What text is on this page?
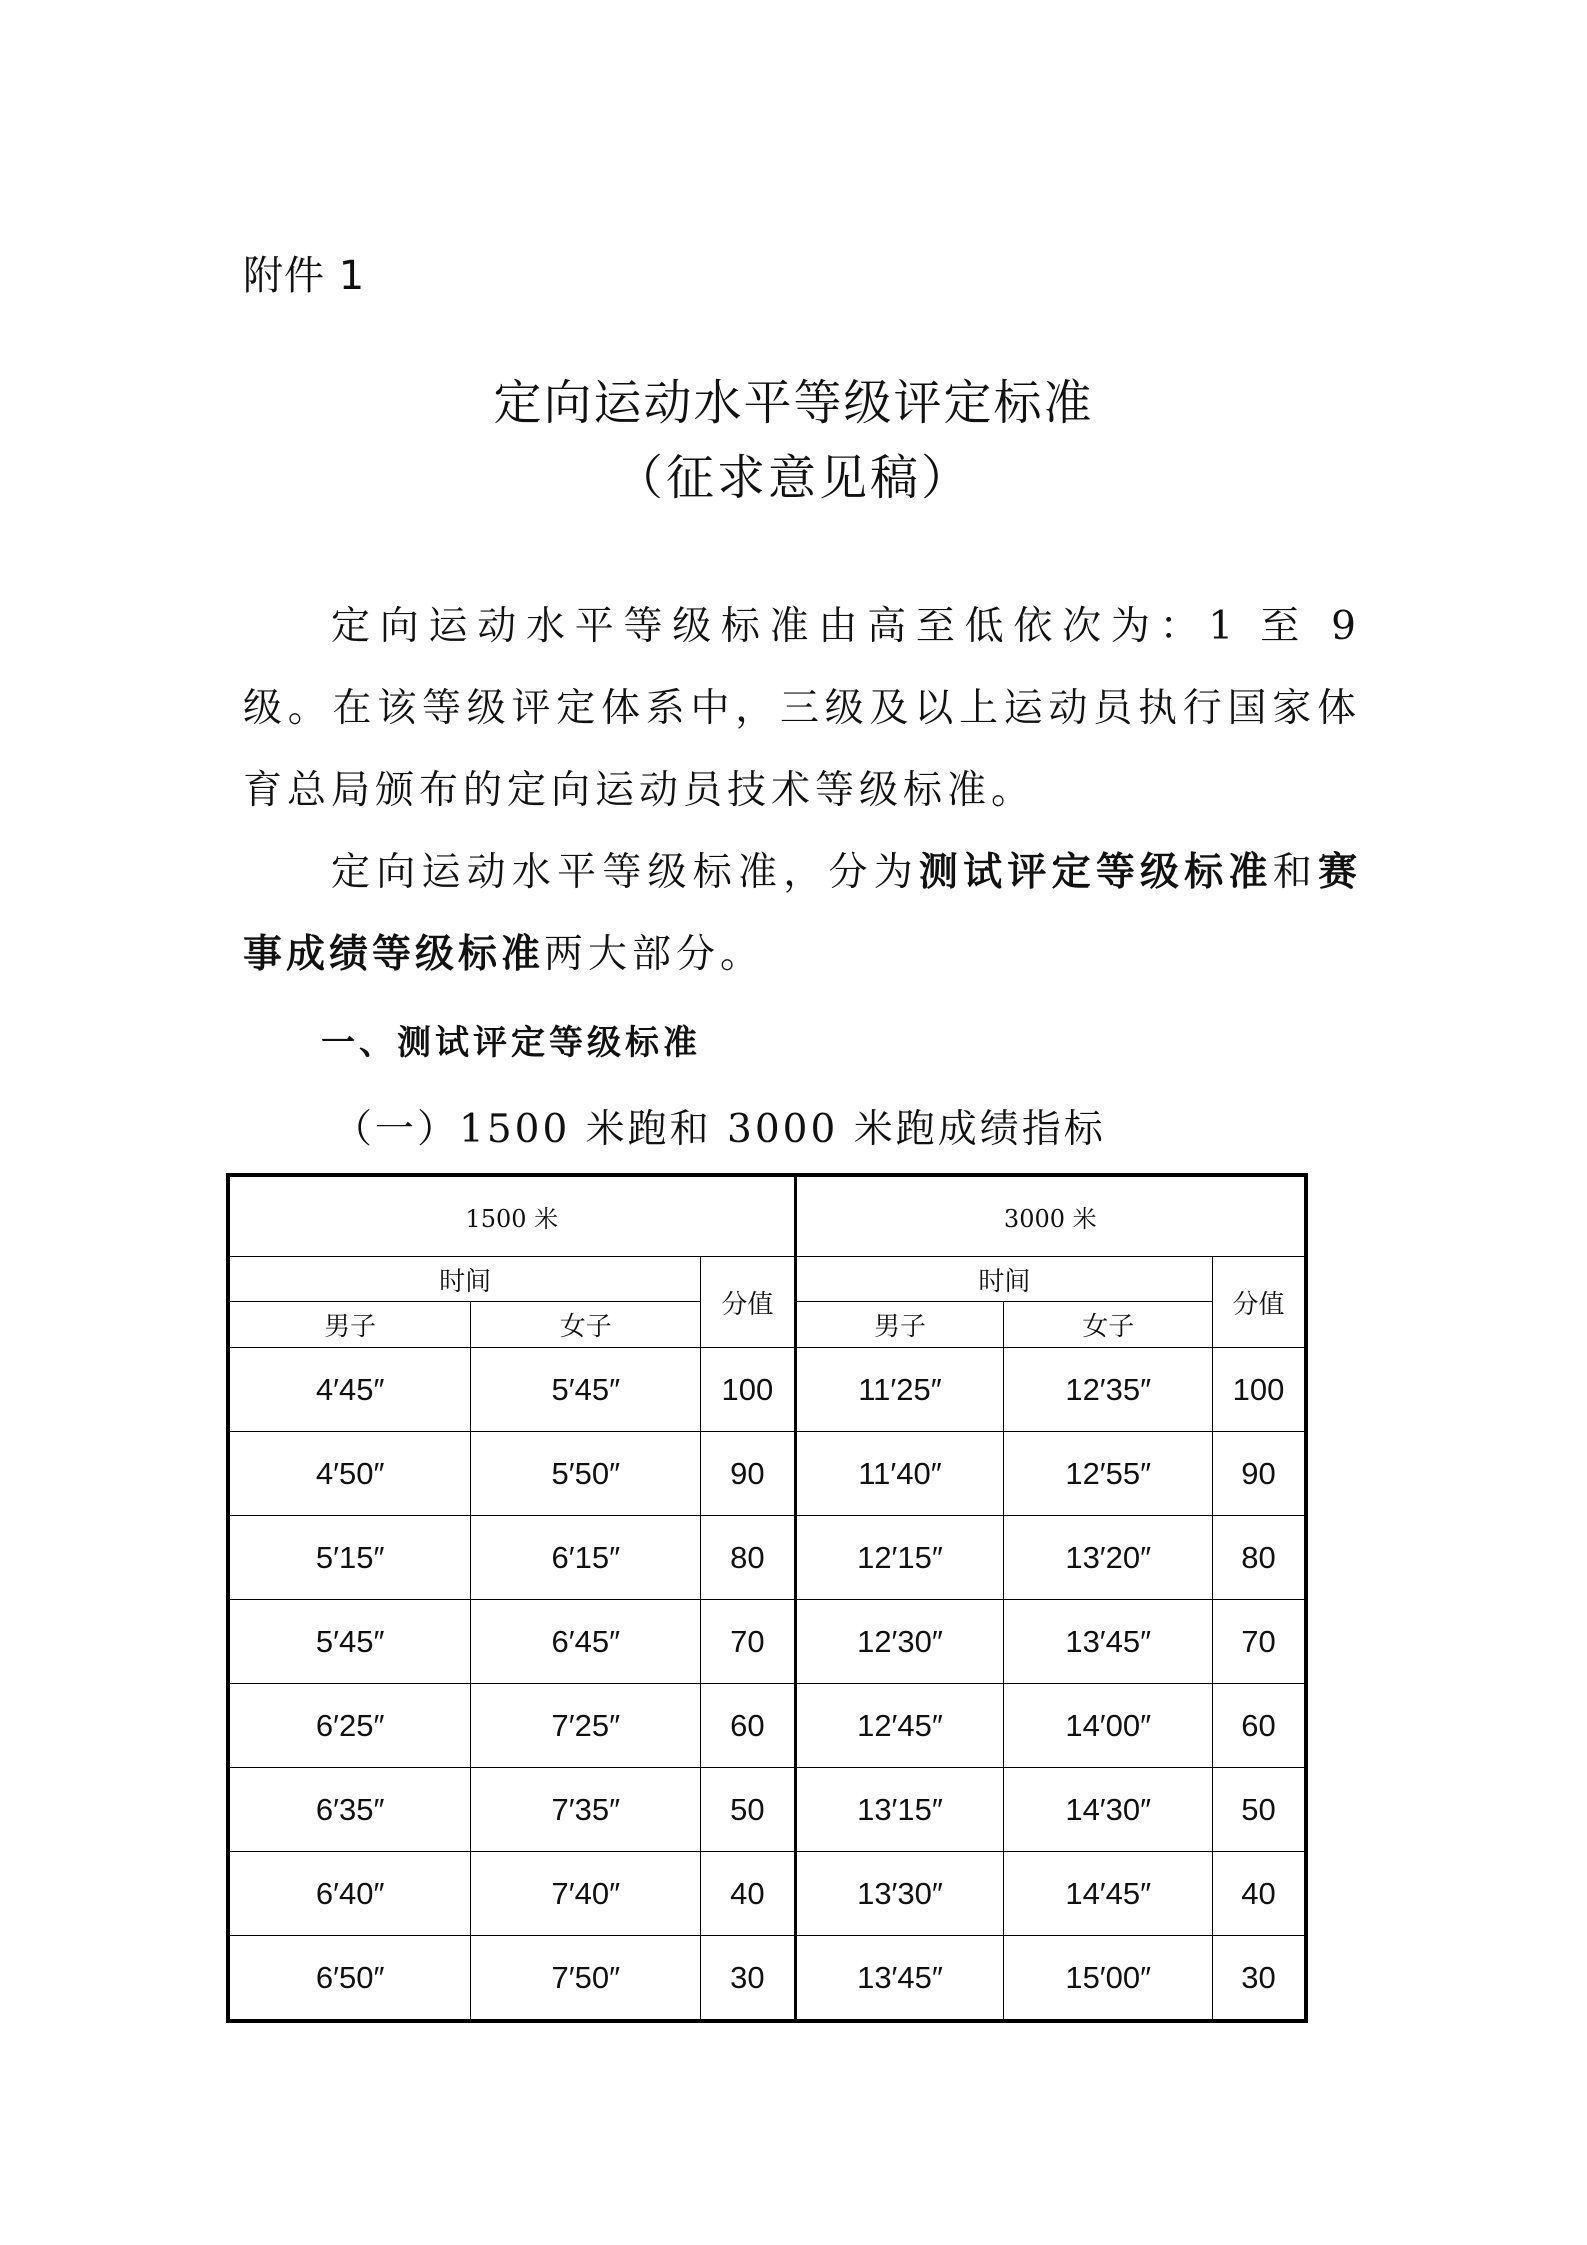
附件 1
定向运动水平等级评定标准
（征求意见稿）

定向运动水平等级标准由高至低依次为：1 至 9 级。在该等级评定体系中，三级及以上运动员执行国家体育总局颁布的定向运动员技术等级标准。

定向运动水平等级标准，分为测试评定等级标准和赛事成绩等级标准两大部分。

一、测试评定等级标准
（一）1500 米跑和 3000 米跑成绩指标
1500 米			3000 米		
时间		分值	时间		分值
男子	女子		男子	女子	
4′45″	5′45″	100	11′25″	12′35″	100
4′50″	5′50″	90	11′40″	12′55″	90
5′15″	6′15″	80	12′15″	13′20″	80
5′45″	6′45″	70	12′30″	13′45″	70
6′25″	7′25″	60	12′45″	14′00″	60
6′35″	7′35″	50	13′15″	14′30″	50
6′40″	7′40″	40	13′30″	14′45″	40
6′50″	7′50″	30	13′45″	15′00″	30
